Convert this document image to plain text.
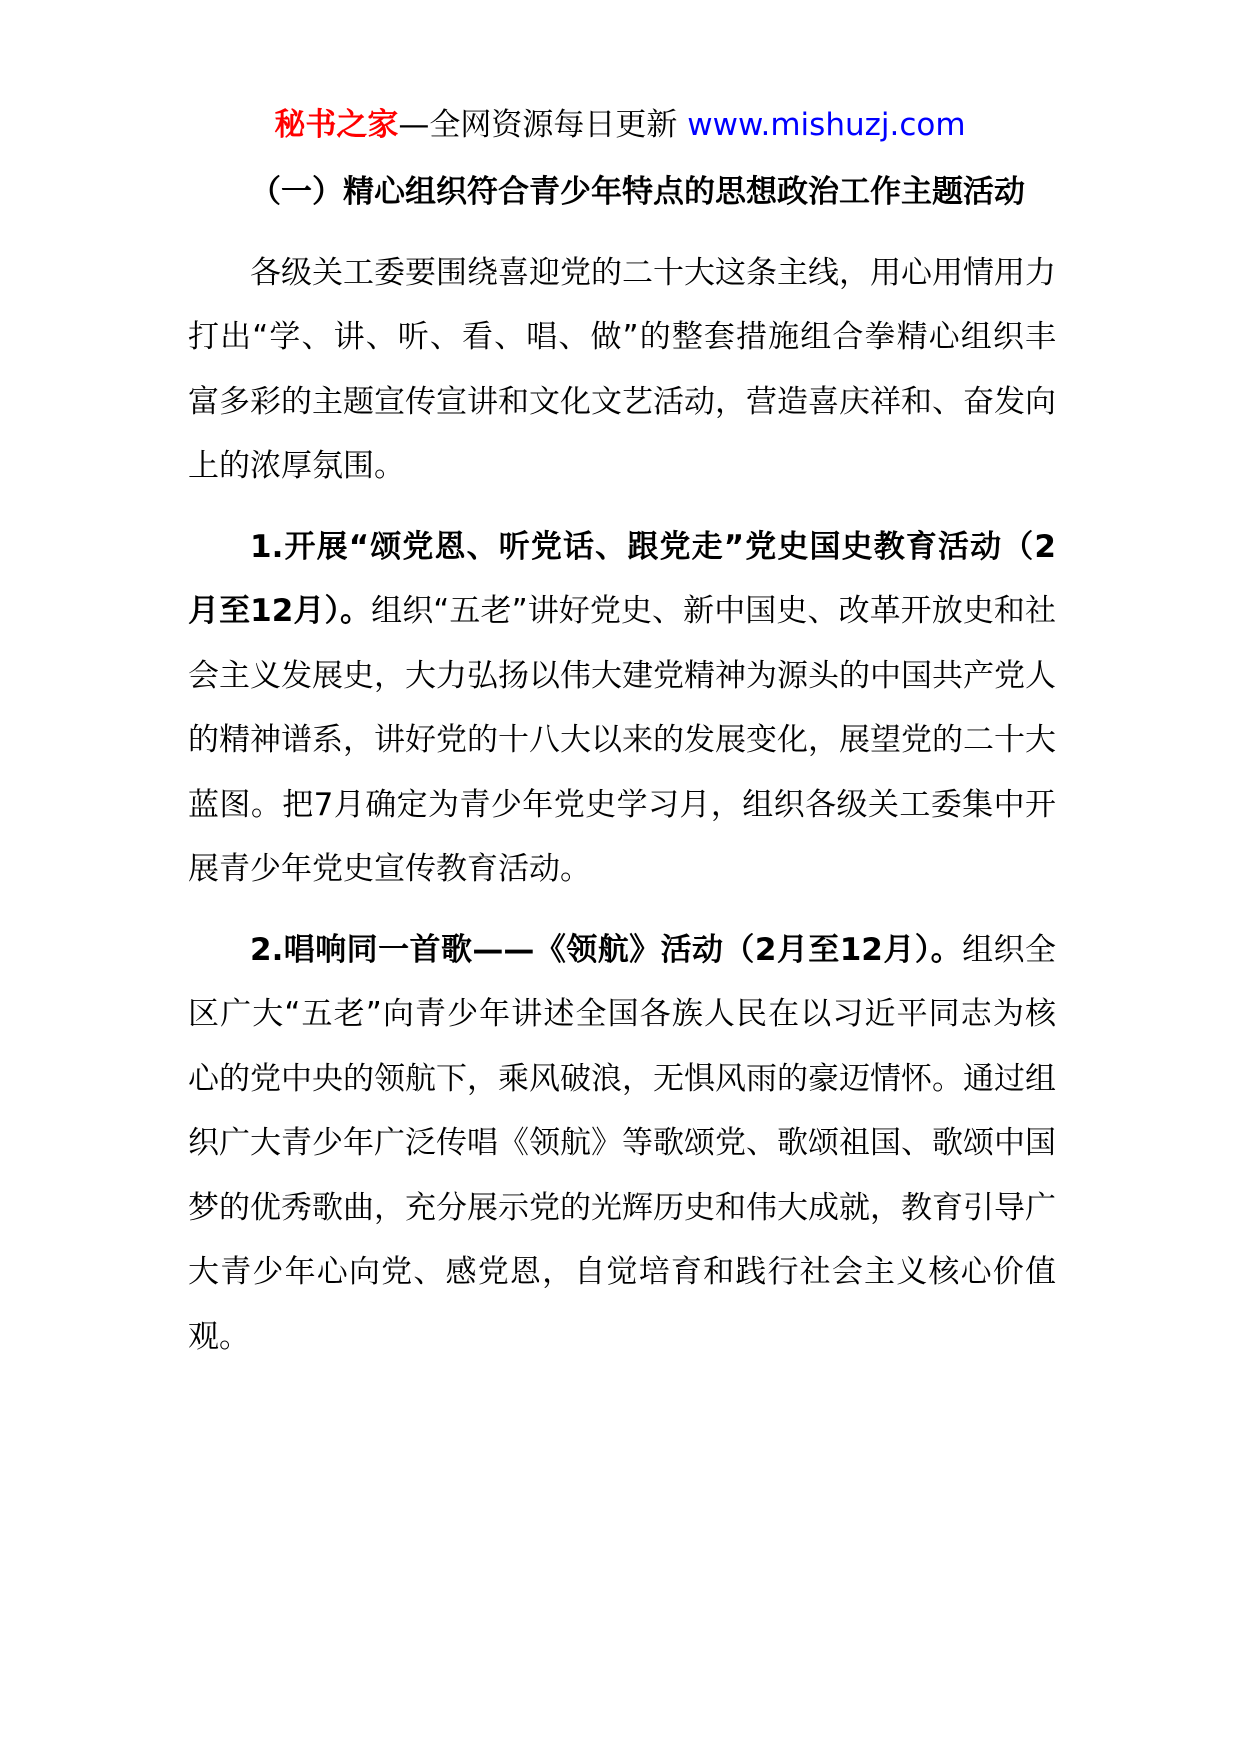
秘书之家—全网资源每日更新 www.mishuzj.com

（一）精心组织符合青少年特点的思想政治工作主题活动

各级关工委要围绕喜迎党的二十大这条主线，用心用情用力打出“学、讲、听、看、唱、做”的整套措施组合拳精心组织丰富多彩的主题宣传宣讲和文化文艺活动，营造喜庆祥和、奋发向上的浓厚氛围。

1.开展“颂党恩、听党话、跟党走”党史国史教育活动（2月至12月）。组织“五老”讲好党史、新中国史、改革开放史和社会主义发展史，大力弘扬以伟大建党精神为源头的中国共产党人的精神谱系，讲好党的十八大以来的发展变化，展望党的二十大蓝图。把7月确定为青少年党史学习月，组织各级关工委集中开展青少年党史宣传教育活动。

2.唱响同一首歌——《领航》活动（2月至12月）。组织全区广大“五老”向青少年讲述全国各族人民在以习近平同志为核心的党中央的领航下，乘风破浪，无惧风雨的豪迈情怀。通过组织广大青少年广泛传唱《领航》等歌颂党、歌颂祖国、歌颂中国梦的优秀歌曲，充分展示党的光辉历史和伟大成就，教育引导广大青少年心向党、感党恩，自觉培育和践行社会主义核心价值观。
